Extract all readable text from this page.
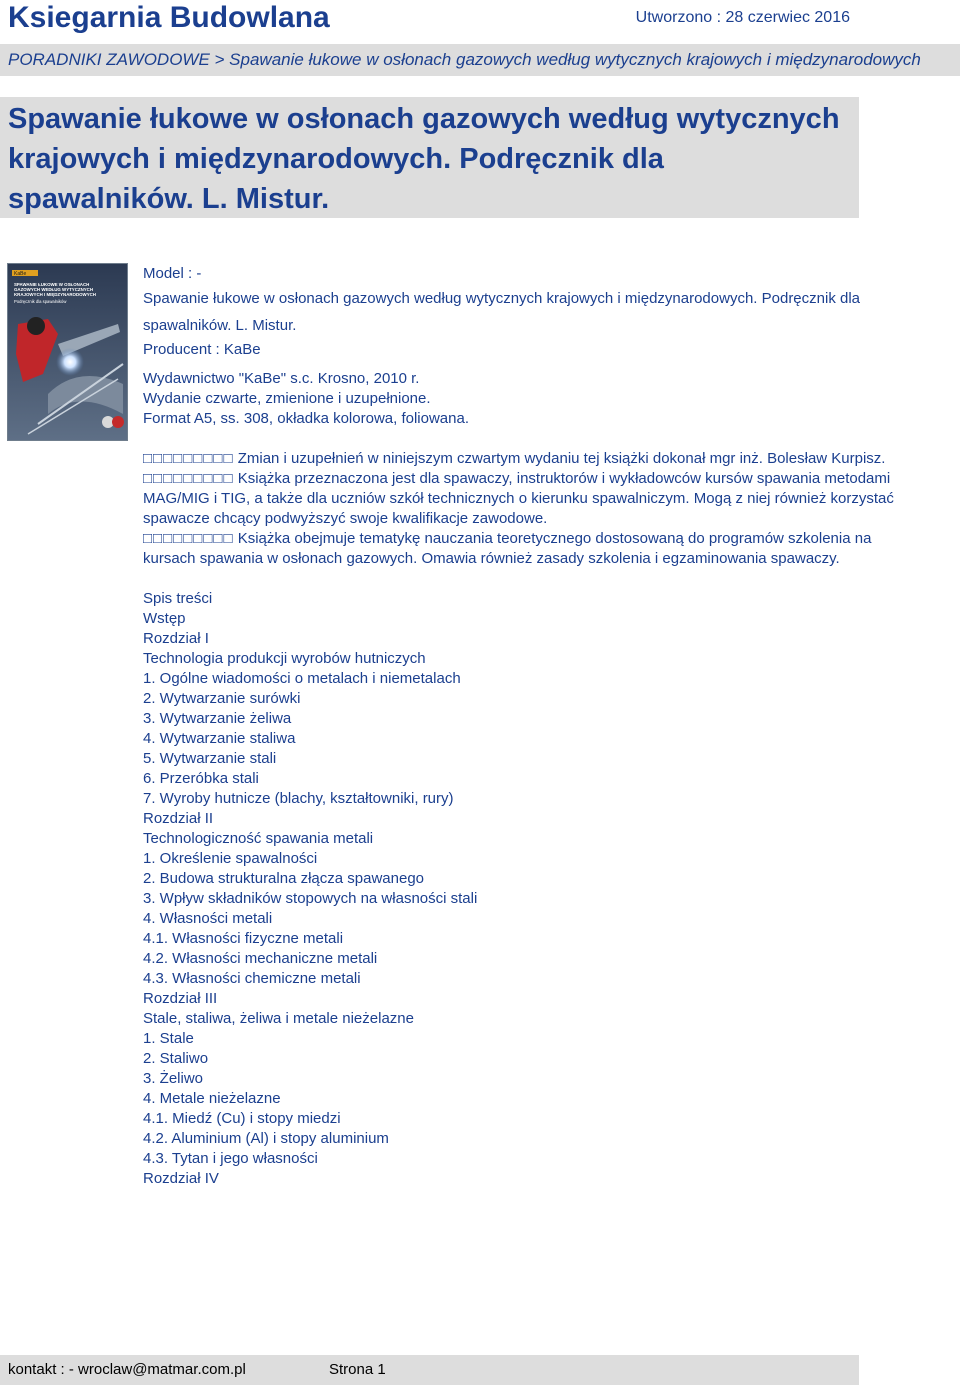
Ksiegarnia Budowlana	Utworzono : 28 czerwiec 2016
PORADNIKI ZAWODOWE > Spawanie łukowe w osłonach gazowych według wytycznych krajowych i międzynarodowych
Spawanie łukowe w osłonach gazowych według wytycznych krajowych i międzynarodowych. Podręcznik dla spawalników. L. Mistur.
KaBe
SPAWANIE ŁUKOWE W OSŁONACH
GAZOWYCH WEDŁUG WYTYCZNYCH
KRAJOWYCH I MIĘDZYNARODOWYCH
Podręcznik dla spawalników

Model : -

Spawanie łukowe w osłonach gazowych według wytycznych krajowych i międzynarodowych. Podręcznik dla spawalników. L. Mistur.

Producent : KaBe

Wydawnictwo "KaBe" s.c. Krosno, 2010 r.

Wydanie czwarte, zmienione i uzupełnione.

Format A5, ss. 308, okładka kolorowa, foliowana.

□□□□□□□□□ Zmian i uzupełnień w niniejszym czwartym wydaniu tej książki dokonał mgr inż. Bolesław Kurpisz.

□□□□□□□□□ Książka przeznaczona jest dla spawaczy, instruktorów i wykładowców kursów spawania metodami MAG/MIG i TIG, a także dla uczniów szkół technicznych o kierunku spawalniczym. Mogą z niej również korzystać spawacze chcący podwyższyć swoje kwalifikacje zawodowe.

□□□□□□□□□ Książka obejmuje tematykę nauczania teoretycznego dostosowaną do programów szkolenia na kursach spawania w osłonach gazowych. Omawia również zasady szkolenia i egzaminowania spawaczy.

Spis treści

Wstęp

Rozdział I

Technologia produkcji wyrobów hutniczych

1. Ogólne wiadomości o metalach i niemetalach

2. Wytwarzanie surówki

3. Wytwarzanie żeliwa

4. Wytwarzanie staliwa

5. Wytwarzanie stali

6. Przeróbka stali

7. Wyroby hutnicze (blachy, kształtowniki, rury)

Rozdział II

Technologiczność spawania metali

1. Określenie spawalności

2. Budowa strukturalna złącza spawanego

3. Wpływ składników stopowych na własności stali

4. Własności metali

4.1. Własności fizyczne metali

4.2. Własności mechaniczne metali

4.3. Własności chemiczne metali

Rozdział III

Stale, staliwa, żeliwa i metale nieżelazne

1. Stale

2. Staliwo

3. Żeliwo

4. Metale nieżelazne

4.1. Miedź (Cu) i stopy miedzi

4.2. Aluminium (Al) i stopy aluminium

4.3. Tytan i jego własności

Rozdział IV

kontakt : - wroclaw@matmar.com.pl	Strona 1
